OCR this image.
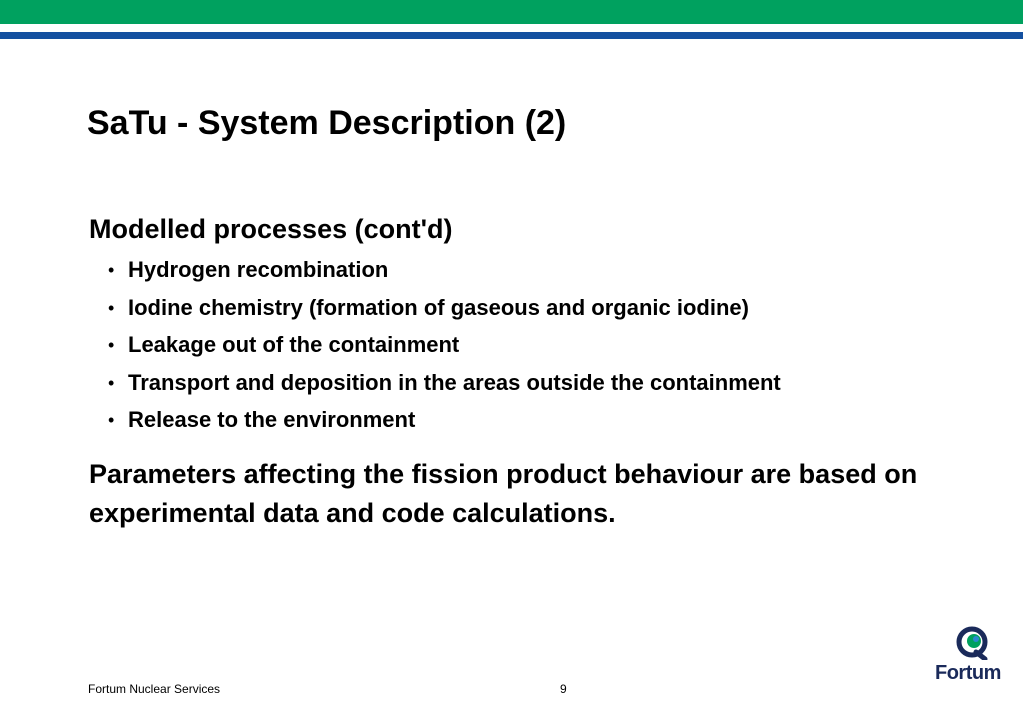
SaTu - System Description (2)
Modelled processes (cont'd)
• Hydrogen recombination
• Iodine chemistry (formation of gaseous and organic iodine)
• Leakage out of the containment
• Transport and deposition in the areas outside the containment
• Release to the environment

Parameters affecting the fission product behaviour are based on experimental data and code calculations.

Fortum Nuclear Services	9
Fortum
